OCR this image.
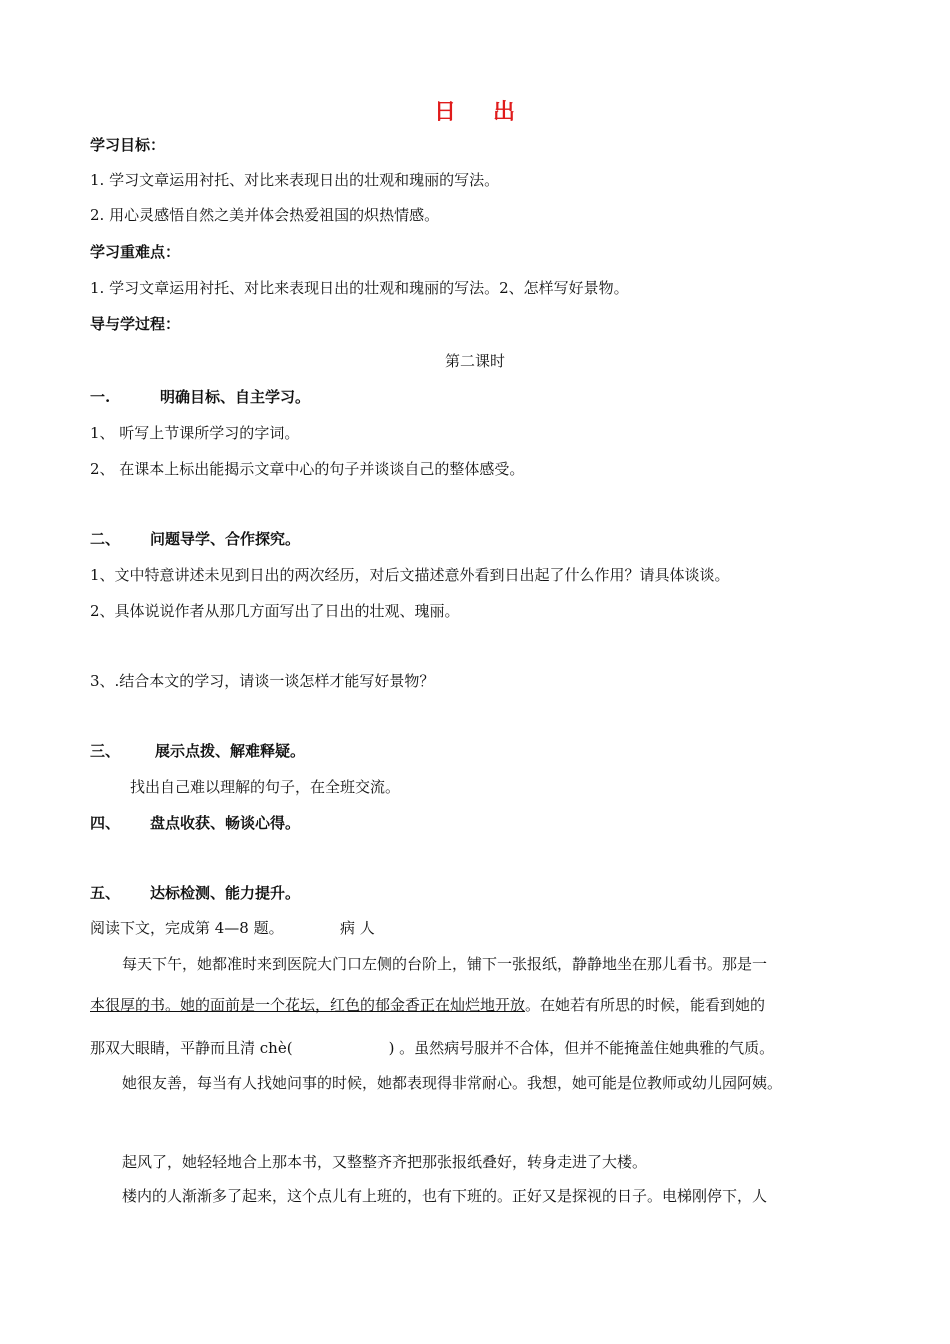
日 出
学习目标：
1. 学习文章运用衬托、对比来表现日出的壮观和瑰丽的写法。
2. 用心灵感悟自然之美并体会热爱祖国的炽热情感。
学习重难点：
1. 学习文章运用衬托、对比来表现日出的壮观和瑰丽的写法。2、怎样写好景物。
导与学过程：
第二课时
一.	明确目标、自主学习。
1、 听写上节课所学习的字词。
2、 在课本上标出能揭示文章中心的句子并谈谈自己的整体感受。
二、 问题导学、合作探究。
1、文中特意讲述未见到日出的两次经历，对后文描述意外看到日出起了什么作用？请具体谈谈。
2、具体说说作者从那几方面写出了日出的壮观、瑰丽。
3、.结合本文的学习，请谈一谈怎样才能写好景物？
三、 展示点拨、解难释疑。
找出自己难以理解的句子，在全班交流。
四、 盘点收获、畅谈心得。
五、 达标检测、能力提升。
阅读下文，完成第 4—8 题。	病 人
每天下午，她都准时来到医院大门口左侧的台阶上，铺下一张报纸，静静地坐在那儿看书。那是一
本很厚的书。她的面前是一个花坛，红色的郁金香正在灿烂地开放。在她若有所思的时候，能看到她的
那双大眼睛，平静而且清 chè(	) 。虽然病号服并不合体，但并不能掩盖住她典雅的气质。
她很友善，每当有人找她问事的时候，她都表现得非常耐心。我想，她可能是位教师或幼儿园阿姨。
起风了，她轻轻地合上那本书，又整整齐齐把那张报纸叠好，转身走进了大楼。
楼内的人渐渐多了起来，这个点儿有上班的，也有下班的。正好又是探视的日子。电梯刚停下，人
